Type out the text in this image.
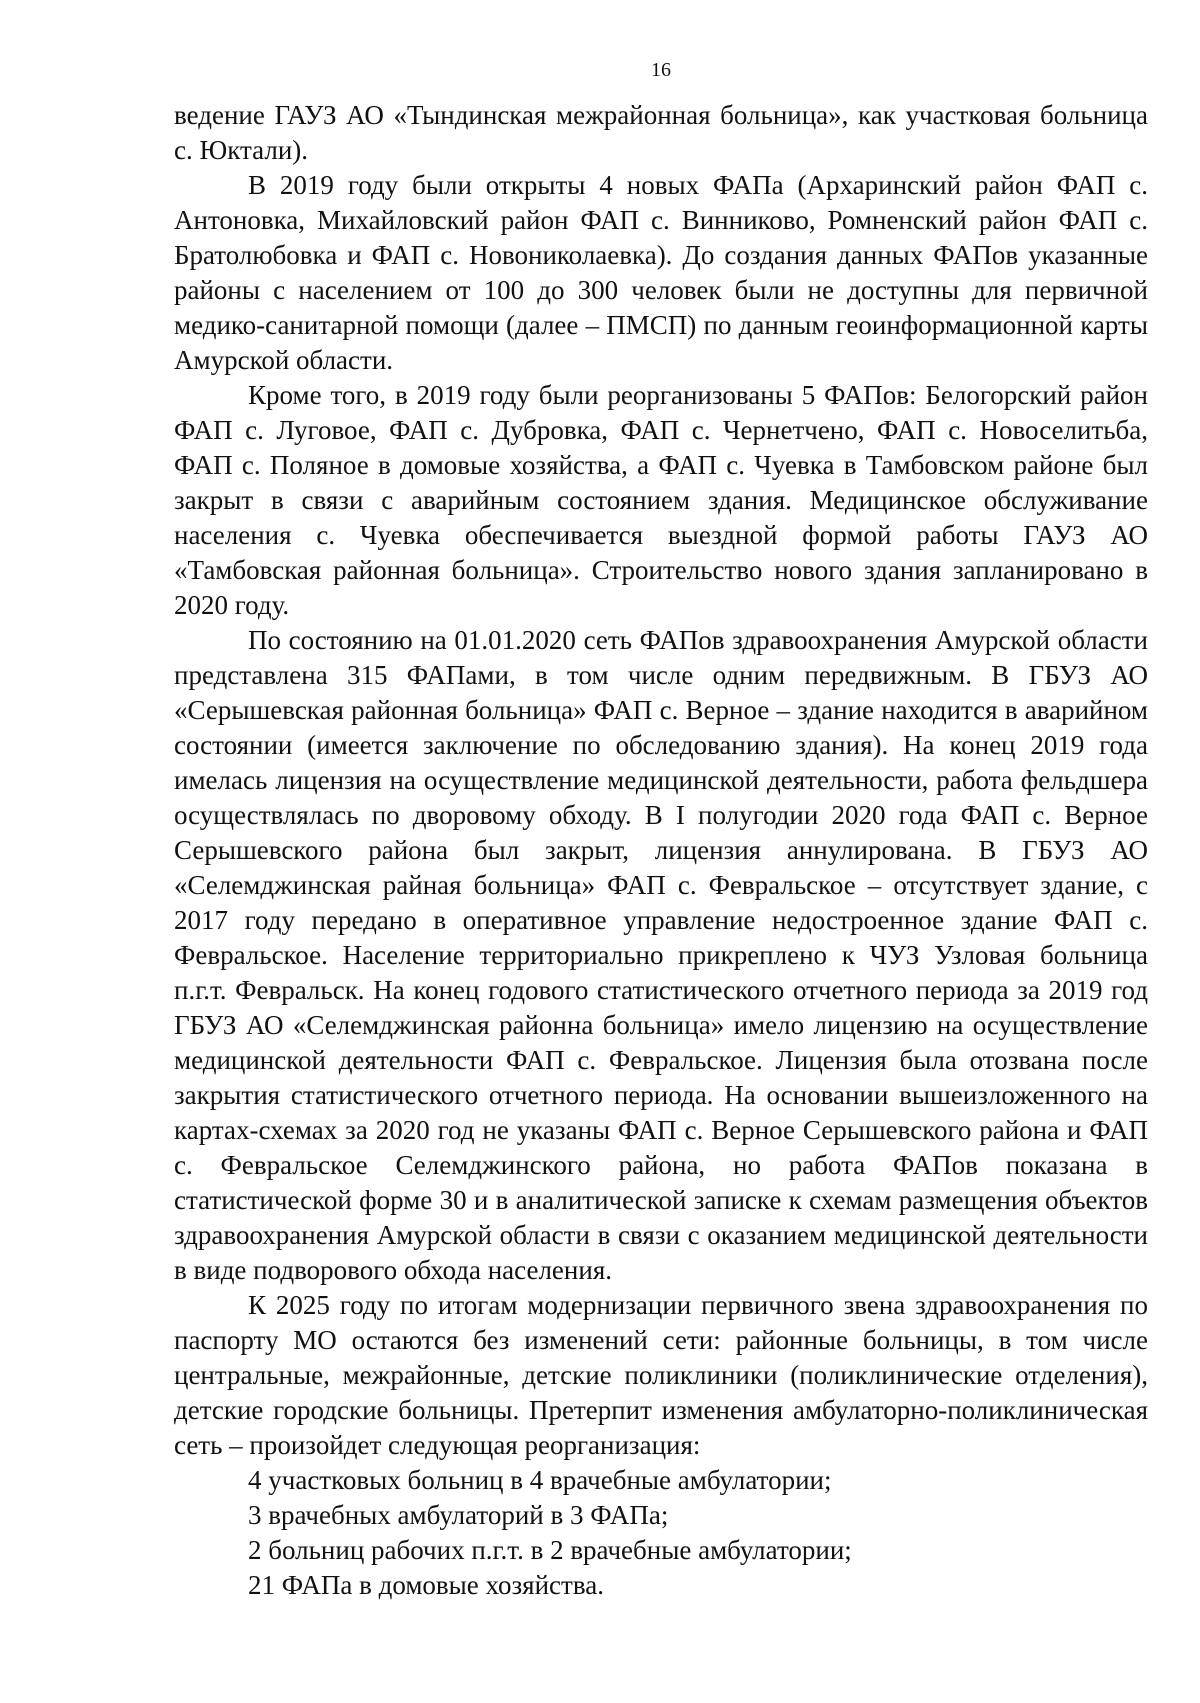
16

ведение ГАУЗ АО «Тындинская межрайонная больница», как участковая больница с. Юктали).

В 2019 году были открыты 4 новых ФАПа (Архаринский район ФАП с. Антоновка, Михайловский район ФАП с. Винниково, Ромненский район ФАП с. Братолюбовка и ФАП с. Новониколаевка). До создания данных ФАПов указанные районы с населением от 100 до 300 человек были не доступны для первичной медико-санитарной помощи (далее – ПМСП) по данным геоинформационной карты Амурской области.

Кроме того, в 2019 году были реорганизованы 5 ФАПов: Белогорский район ФАП с. Луговое, ФАП с. Дубровка, ФАП с. Чернетчено, ФАП с. Новоселитьба, ФАП с. Поляное в домовые хозяйства, а ФАП с. Чуевка в Тамбовском районе был закрыт в связи с аварийным состоянием здания. Медицинское обслуживание населения с. Чуевка обеспечивается выездной формой работы ГАУЗ АО «Тамбовская районная больница». Строительство нового здания запланировано в 2020 году.

По состоянию на 01.01.2020 сеть ФАПов здравоохранения Амурской области представлена 315 ФАПами, в том числе одним передвижным. В ГБУЗ АО «Серышевская районная больница» ФАП с. Верное – здание находится в аварийном состоянии (имеется заключение по обследованию здания). На конец 2019 года имелась лицензия на осуществление медицинской деятельности, работа фельдшера осуществлялась по дворовому обходу. В I полугодии 2020 года ФАП с. Верное Серышевского района был закрыт, лицензия аннулирована. В ГБУЗ АО «Селемджинская райная больница» ФАП с. Февральское – отсутствует здание, с 2017 году передано в оперативное управление недостроенное здание ФАП с. Февральское. Население территориально прикреплено к ЧУЗ Узловая больница п.г.т. Февральск. На конец годового статистического отчетного периода за 2019 год ГБУЗ АО «Селемджинская районна больница» имело лицензию на осуществление медицинской деятельности ФАП с. Февральское. Лицензия была отозвана после закрытия статистического отчетного периода. На основании вышеизложенного на картах-схемах за 2020 год не указаны ФАП с. Верное Серышевского района и ФАП с. Февральское Селемджинского района, но работа ФАПов показана в статистической форме 30 и в аналитической записке к схемам размещения объектов здравоохранения Амурской области в связи с оказанием медицинской деятельности в виде подворового обхода населения.

К 2025 году по итогам модернизации первичного звена здравоохранения по паспорту МО остаются без изменений сети: районные больницы, в том числе центральные, межрайонные, детские поликлиники (поликлинические отделения), детские городские больницы. Претерпит изменения амбулаторно-поликлиническая сеть – произойдет следующая реорганизация:

4 участковых больниц в 4 врачебные амбулатории;

3 врачебных амбулаторий в 3 ФАПа;

2 больниц рабочих п.г.т. в 2 врачебные амбулатории;

21 ФАПа в домовые хозяйства.
